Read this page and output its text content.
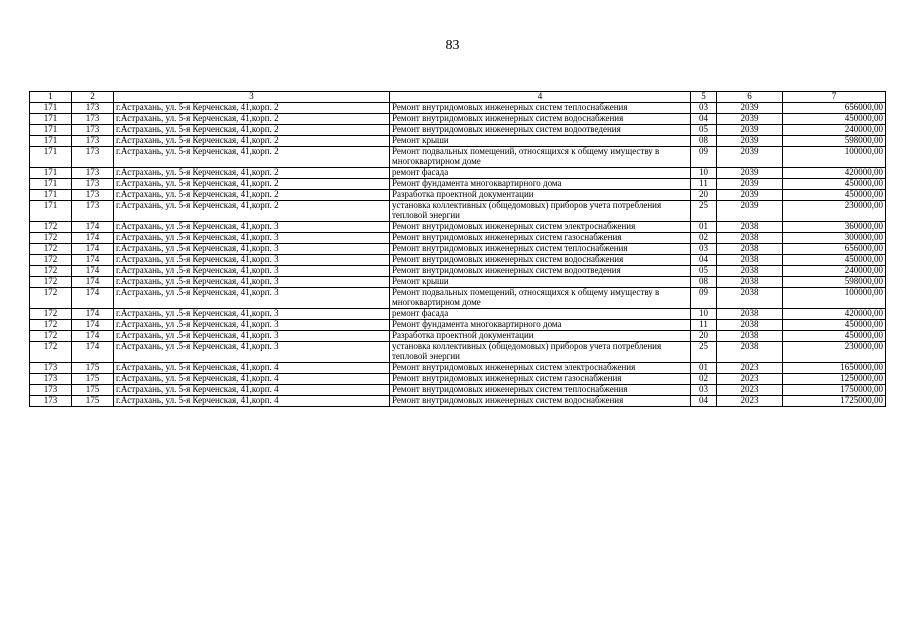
83
1	2	3	4	5	6	7
171	173	г.Астрахань, ул. 5-я Керченская, 41,корп. 2	Ремонт внутридомовых инженерных систем теплоснабжения	03	2039	656000,00
171	173	г.Астрахань, ул. 5-я Керченская, 41,корп. 2	Ремонт внутридомовых инженерных систем водоснабжения	04	2039	450000,00
171	173	г.Астрахань, ул. 5-я Керченская, 41,корп. 2	Ремонт внутридомовых инженерных систем водоотведения	05	2039	240000,00
171	173	г.Астрахань, ул. 5-я Керченская, 41,корп. 2	Ремонт крыши	08	2039	598000,00
171	173	г.Астрахань, ул. 5-я Керченская, 41,корп. 2	Ремонт подвальных помещений, относящихся к общему имуществу в многоквартирном доме	09	2039	100000,00
171	173	г.Астрахань, ул. 5-я Керченская, 41,корп. 2	ремонт фасада	10	2039	420000,00
171	173	г.Астрахань, ул. 5-я Керченская, 41,корп. 2	Ремонт фундамента многоквартирного дома	11	2039	450000,00
171	173	г.Астрахань, ул. 5-я Керченская, 41,корп. 2	Разработка проектной документации	20	2039	450000,00
171	173	г.Астрахань, ул. 5-я Керченская, 41,корп. 2	установка коллективных (общедомовых) приборов учета потребления тепловой энергии	25	2039	230000,00
172	174	г.Астрахань, ул .5-я Керченская, 41,корп. 3	Ремонт внутридомовых инженерных систем электроснабжения	01	2038	360000,00
172	174	г.Астрахань, ул .5-я Керченская, 41,корп. 3	Ремонт внутридомовых инженерных систем газоснабжения	02	2038	300000,00
172	174	г.Астрахань, ул .5-я Керченская, 41,корп. 3	Ремонт внутридомовых инженерных систем теплоснабжения	03	2038	656000,00
172	174	г.Астрахань, ул .5-я Керченская, 41,корп. 3	Ремонт внутридомовых инженерных систем водоснабжения	04	2038	450000,00
172	174	г.Астрахань, ул .5-я Керченская, 41,корп. 3	Ремонт внутридомовых инженерных систем водоотведения	05	2038	240000,00
172	174	г.Астрахань, ул .5-я Керченская, 41,корп. 3	Ремонт крыши	08	2038	598000,00
172	174	г.Астрахань, ул .5-я Керченская, 41,корп. 3	Ремонт подвальных помещений, относящихся к общему имуществу в многоквартирном доме	09	2038	100000,00
172	174	г.Астрахань, ул .5-я Керченская, 41,корп. 3	ремонт фасада	10	2038	420000,00
172	174	г.Астрахань, ул .5-я Керченская, 41,корп. 3	Ремонт фундамента многоквартирного дома	11	2038	450000,00
172	174	г.Астрахань, ул .5-я Керченская, 41,корп. 3	Разработка проектной документации	20	2038	450000,00
172	174	г.Астрахань, ул .5-я Керченская, 41,корп. 3	установка коллективных (общедомовых) приборов учета потребления тепловой энергии	25	2038	230000,00
173	175	г.Астрахань, ул. 5-я Керченская, 41,корп. 4	Ремонт внутридомовых инженерных систем электроснабжения	01	2023	1650000,00
173	175	г.Астрахань, ул. 5-я Керченская, 41,корп. 4	Ремонт внутридомовых инженерных систем газоснабжения	02	2023	1250000,00
173	175	г.Астрахань, ул. 5-я Керченская, 41,корп. 4	Ремонт внутридомовых инженерных систем теплоснабжения	03	2023	1750000,00
173	175	г.Астрахань, ул. 5-я Керченская, 41,корп. 4	Ремонт внутридомовых инженерных систем водоснабжения	04	2023	1725000,00
